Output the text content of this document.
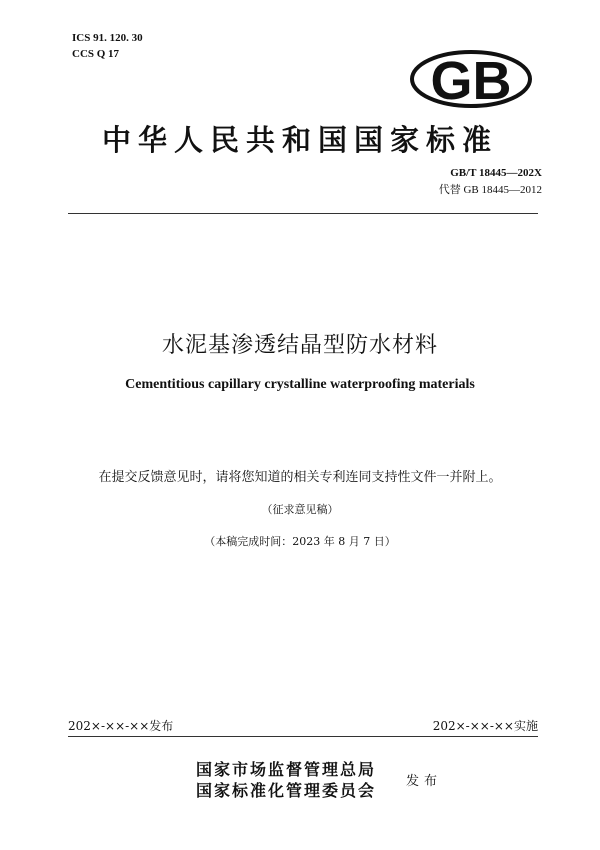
ICS 91. 120. 30
CCS Q 17	GB
中华人民共和国国家标准
GB/T 18445—202X
代替 GB 18445—2012
水泥基渗透结晶型防水材料
Cementitious capillary crystalline waterproofing materials
在提交反馈意见时，请将您知道的相关专利连同支持性文件一并附上。
（征求意见稿）
（本稿完成时间：2023 年 8 月 7 日）
202×-××-××发布	202×-××-××实施
国家市场监督管理总局
国家标准化管理委员会 发布
